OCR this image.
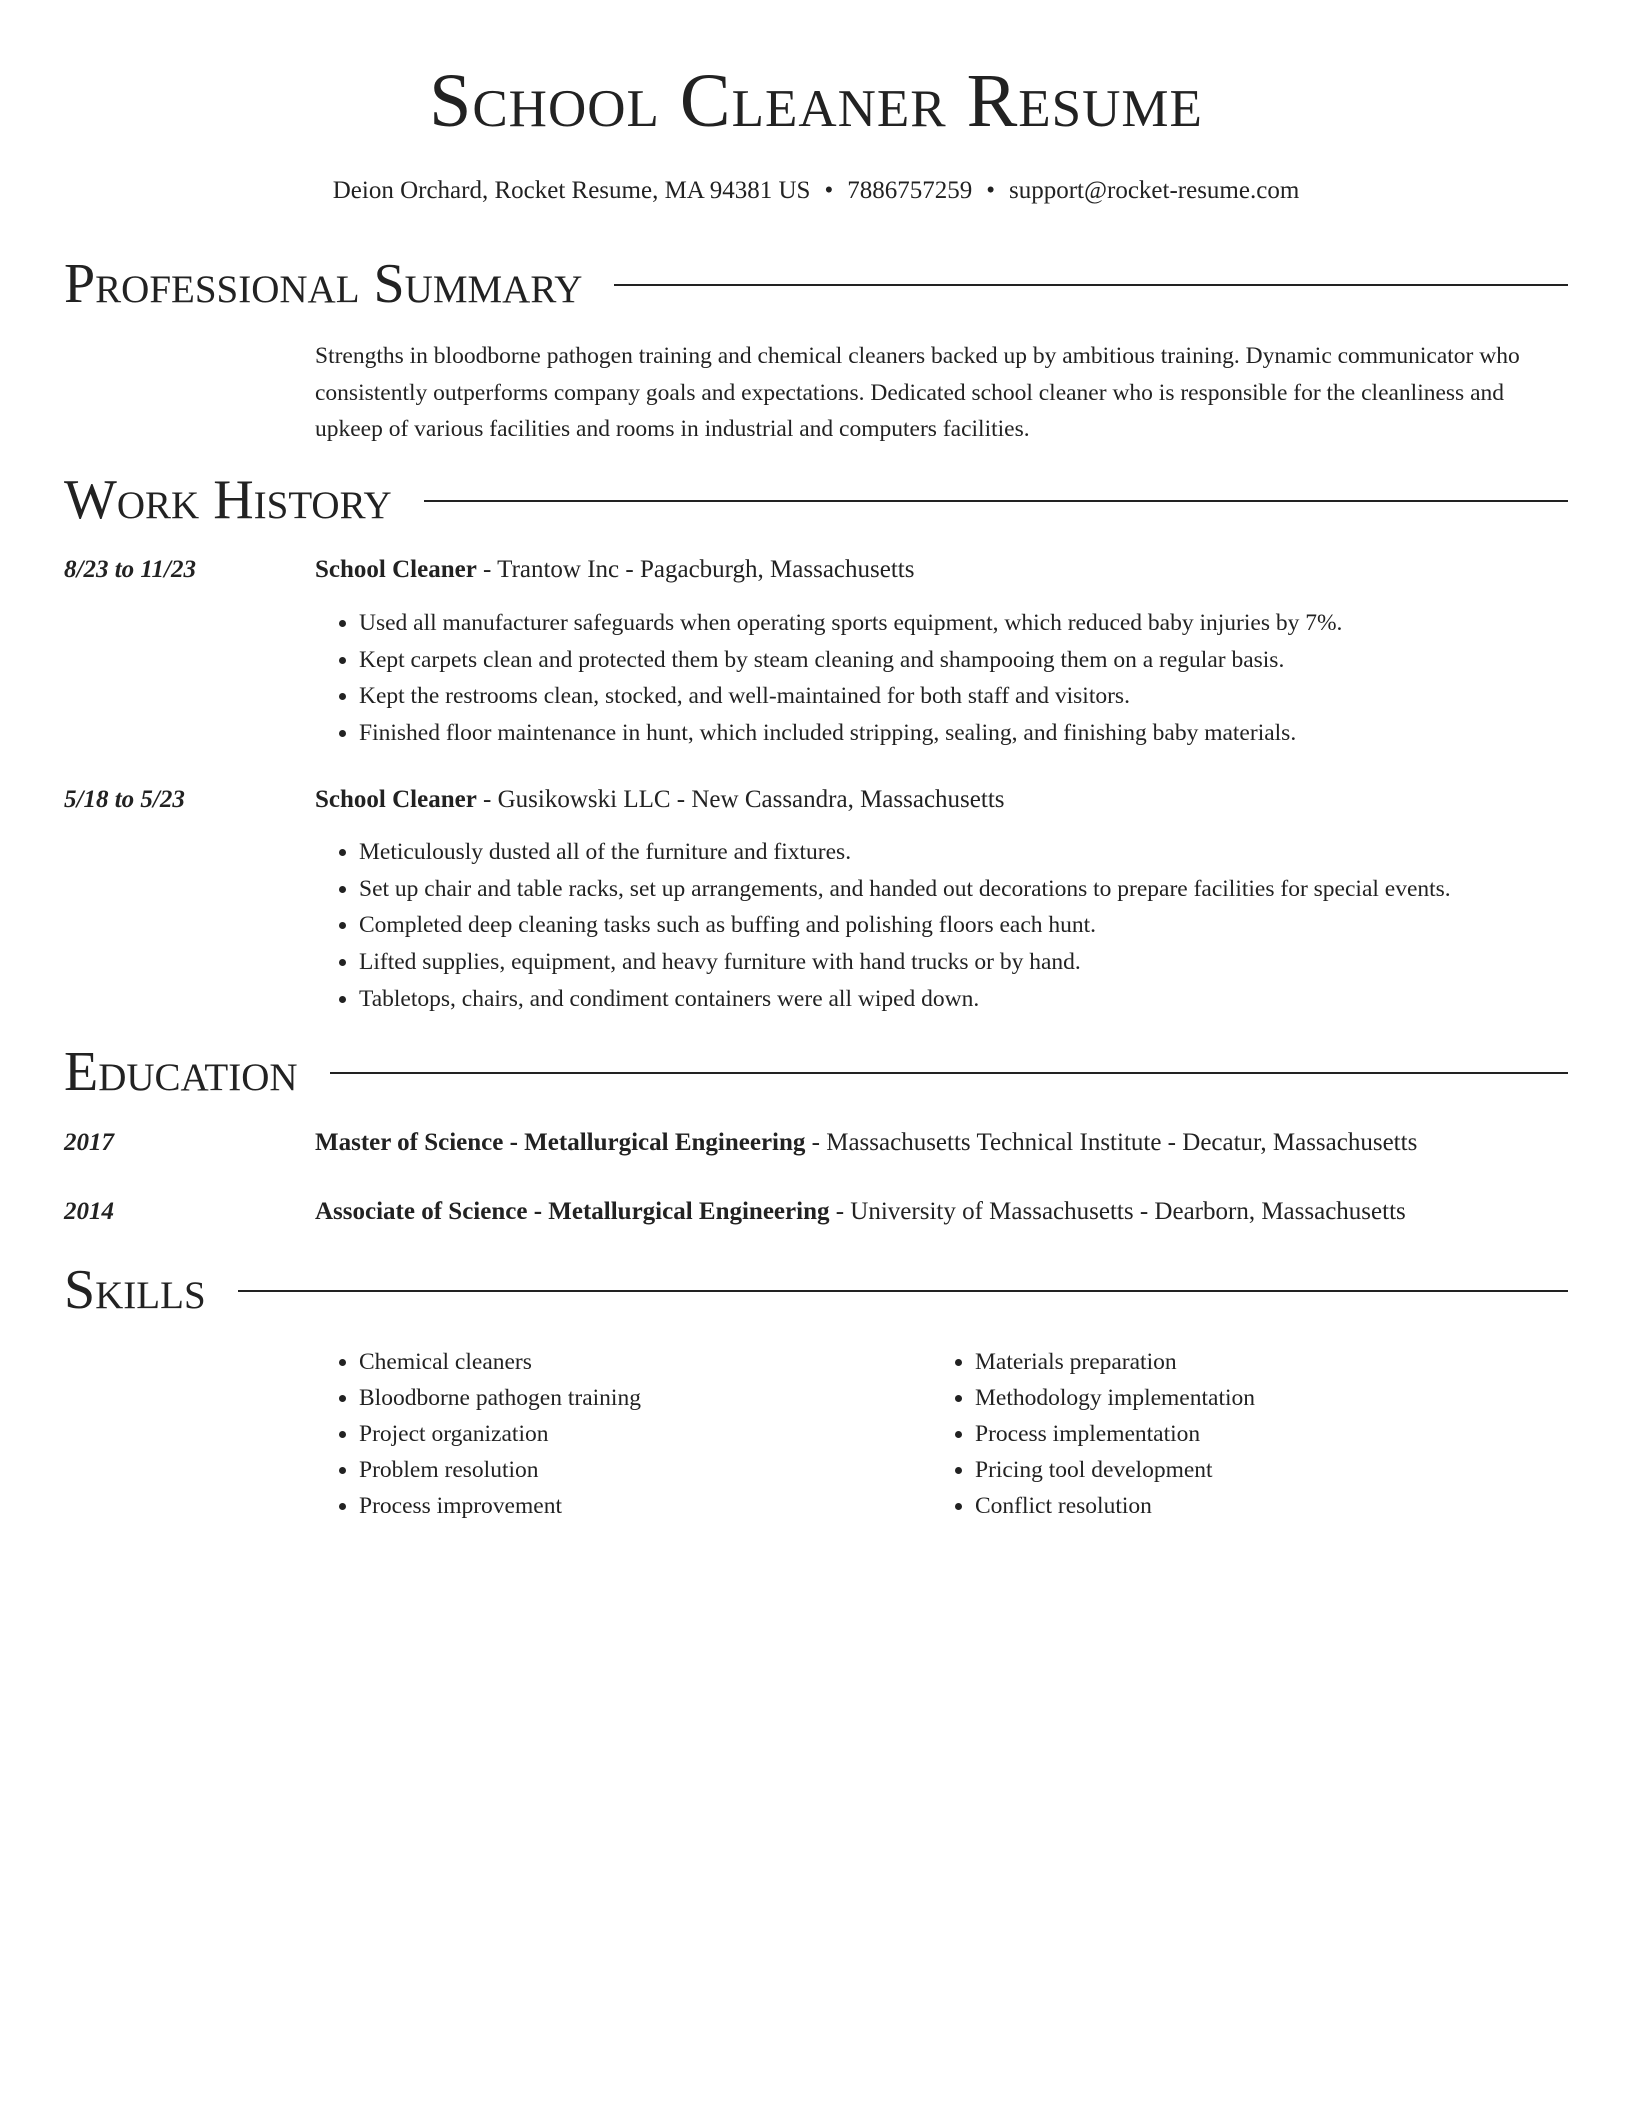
School Cleaner Resume
Deion Orchard, Rocket Resume, MA 94381 US • 7886757259 • support@rocket-resume.com
Professional Summary

Strengths in bloodborne pathogen training and chemical cleaners backed up by ambitious training. Dynamic communicator who consistently outperforms company goals and expectations. Dedicated school cleaner who is responsible for the cleanliness and upkeep of various facilities and rooms in industrial and computers facilities.

Work History
8/23 to 11/23	School Cleaner - Trantow Inc - Pagacburgh, Massachusetts
• Used all manufacturer safeguards when operating sports equipment, which reduced baby injuries by 7%.
• Kept carpets clean and protected them by steam cleaning and shampooing them on a regular basis.
• Kept the restrooms clean, stocked, and well-maintained for both staff and visitors.
• Finished floor maintenance in hunt, which included stripping, sealing, and finishing baby materials.
5/18 to 5/23	School Cleaner - Gusikowski LLC - New Cassandra, Massachusetts
• Meticulously dusted all of the furniture and fixtures.
• Set up chair and table racks, set up arrangements, and handed out decorations to prepare facilities for special events.
• Completed deep cleaning tasks such as buffing and polishing floors each hunt.
• Lifted supplies, equipment, and heavy furniture with hand trucks or by hand.
• Tabletops, chairs, and condiment containers were all wiped down.
Education
2017	Master of Science - Metallurgical Engineering - Massachusetts Technical Institute - Decatur, Massachusetts
2014	Associate of Science - Metallurgical Engineering - University of Massachusetts - Dearborn, Massachusetts
Skills
• Chemical cleaners
• Bloodborne pathogen training
• Project organization
• Problem resolution
• Process improvement
• Materials preparation
• Methodology implementation
• Process implementation
• Pricing tool development
• Conflict resolution
